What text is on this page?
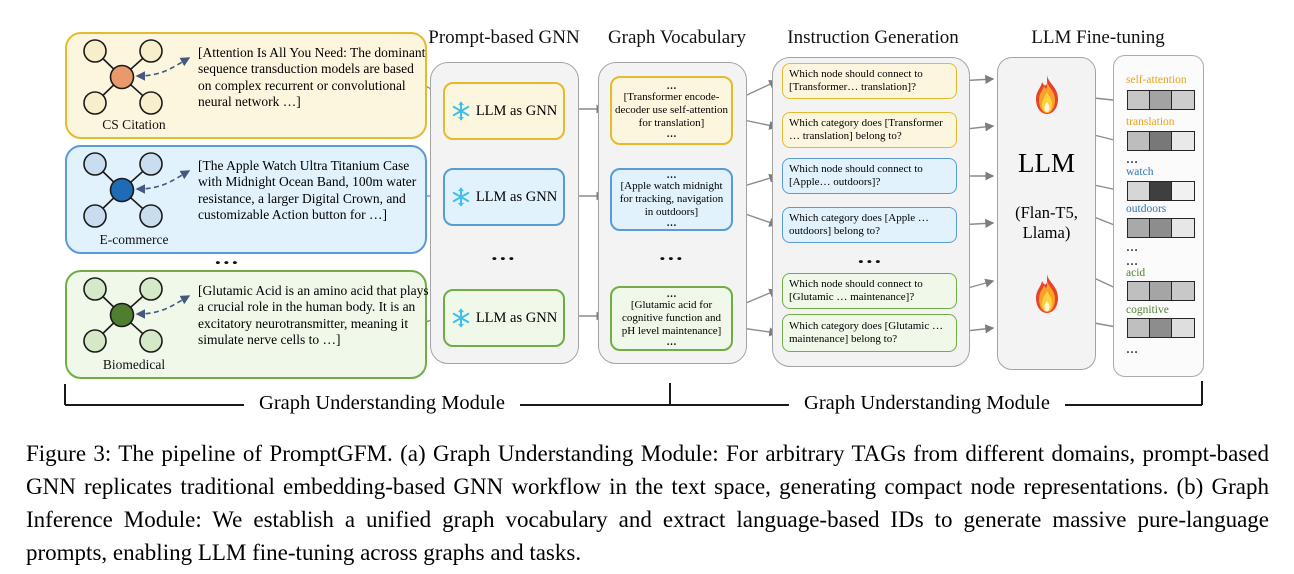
Prompt-based GNN	Graph Vocabulary	Instruction Generation	LLM Fine-tuning
[Attention Is All You Need: The dominant sequence transduction models are based on complex recurrent or convolutional neural network …]
CS Citation
[The Apple Watch Ultra Titanium Case with Midnight Ocean Band, 100m water resistance, a larger Digital Crown, and customizable Action button for …]
E-commerce
…
[Glutamic Acid is an amino acid that plays a crucial role in the human body. It is an excitatory neurotransmitter, meaning it simulate nerve cells to …]
Biomedical
LLM as GNN
LLM as GNN
…
LLM as GNN
…
[Transformer encode-decoder use self-attention for translation]
…
…
[Apple watch midnight for tracking, navigation in outdoors]
…
…
…
[Glutamic acid for cognitive function and pH level maintenance]
…
Which node should connect to [Transformer… translation]?
Which category does [Transformer … translation] belong to?
Which node should connect to [Apple… outdoors]?
Which category does [Apple … outdoors] belong to?
…
Which node should connect to [Glutamic … maintenance]?
Which category does [Glutamic … maintenance] belong to?
LLM
(Flan-T5, Llama)
self-attention
translation
…
watch
outdoors
…
…
acid
cognitive
…
Graph Understanding Module	Graph Understanding Module
Figure 3: The pipeline of PromptGFM. (a) Graph Understanding Module: For arbitrary TAGs from different domains, prompt-based GNN replicates traditional embedding-based GNN workflow in the text space, generating compact node representations. (b) Graph Inference Module: We establish a unified graph vocabulary and extract language-based IDs to generate massive pure-language prompts, enabling LLM fine-tuning across graphs and tasks.
